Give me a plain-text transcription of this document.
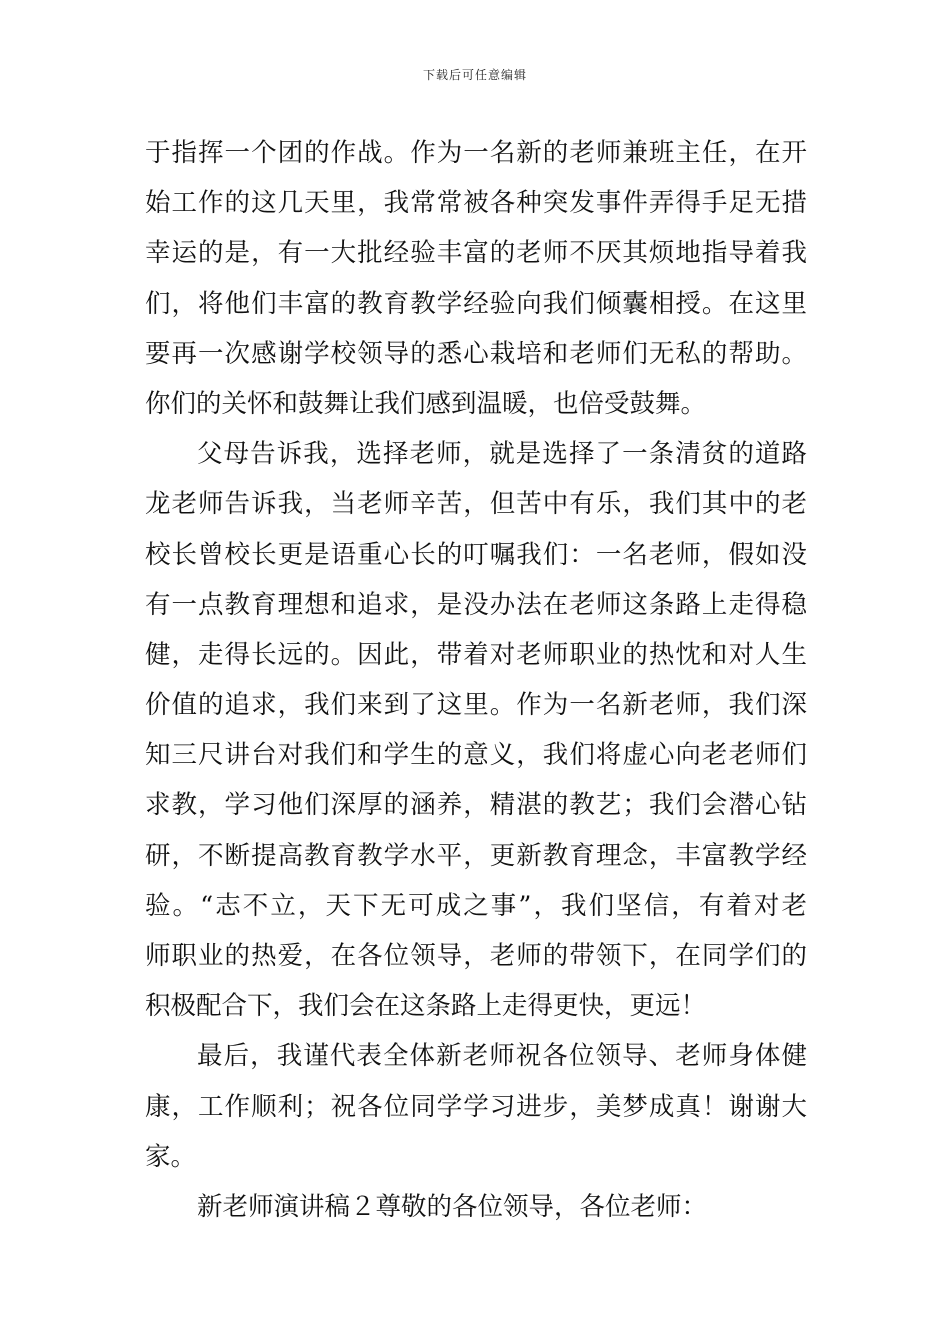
下载后可任意编辑
于指挥一个团的作战。作为一名新的老师兼班主任，在开
始工作的这几天里，我常常被各种突发事件弄得手足无措
幸运的是，有一大批经验丰富的老师不厌其烦地指导着我
们，将他们丰富的教育教学经验向我们倾囊相授。在这里
要再一次感谢学校领导的悉心栽培和老师们无私的帮助。
你们的关怀和鼓舞让我们感到温暖，也倍受鼓舞。
父母告诉我，选择老师，就是选择了一条清贫的道路
龙老师告诉我，当老师辛苦，但苦中有乐，我们其中的老
校长曾校长更是语重心长的叮嘱我们：一名老师，假如没
有一点教育理想和追求，是没办法在老师这条路上走得稳
健，走得长远的。因此，带着对老师职业的热忱和对人生
价值的追求，我们来到了这里。作为一名新老师，我们深
知三尺讲台对我们和学生的意义，我们将虚心向老老师们
求教，学习他们深厚的涵养，精湛的教艺；我们会潜心钻
研，不断提高教育教学水平，更新教育理念，丰富教学经
验。“志不立，天下无可成之事”，我们坚信，有着对老
师职业的热爱，在各位领导，老师的带领下，在同学们的
积极配合下，我们会在这条路上走得更快，更远！
最后，我谨代表全体新老师祝各位领导、老师身体健
康，工作顺利；祝各位同学学习进步，美梦成真！谢谢大
家。
新老师演讲稿２尊敬的各位领导，各位老师：
